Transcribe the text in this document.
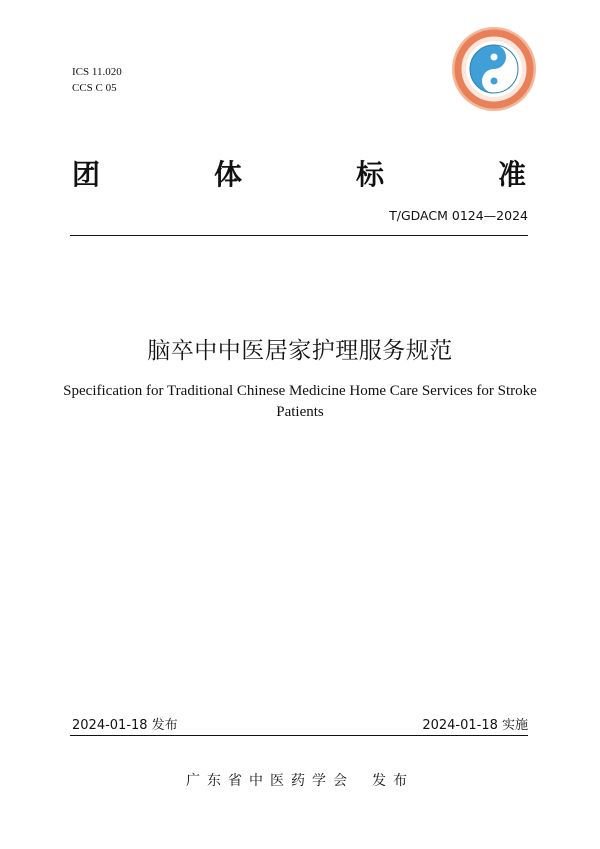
ICS 11.020
CCS C 05
团	体	标	准
T/GDACM 0124—2024
脑卒中中医居家护理服务规范
Specification for Traditional Chinese Medicine Home Care Services for Stroke
Patients
2024-01-18 发布	2024-01-18 实施
广东省中医药学会 发布
